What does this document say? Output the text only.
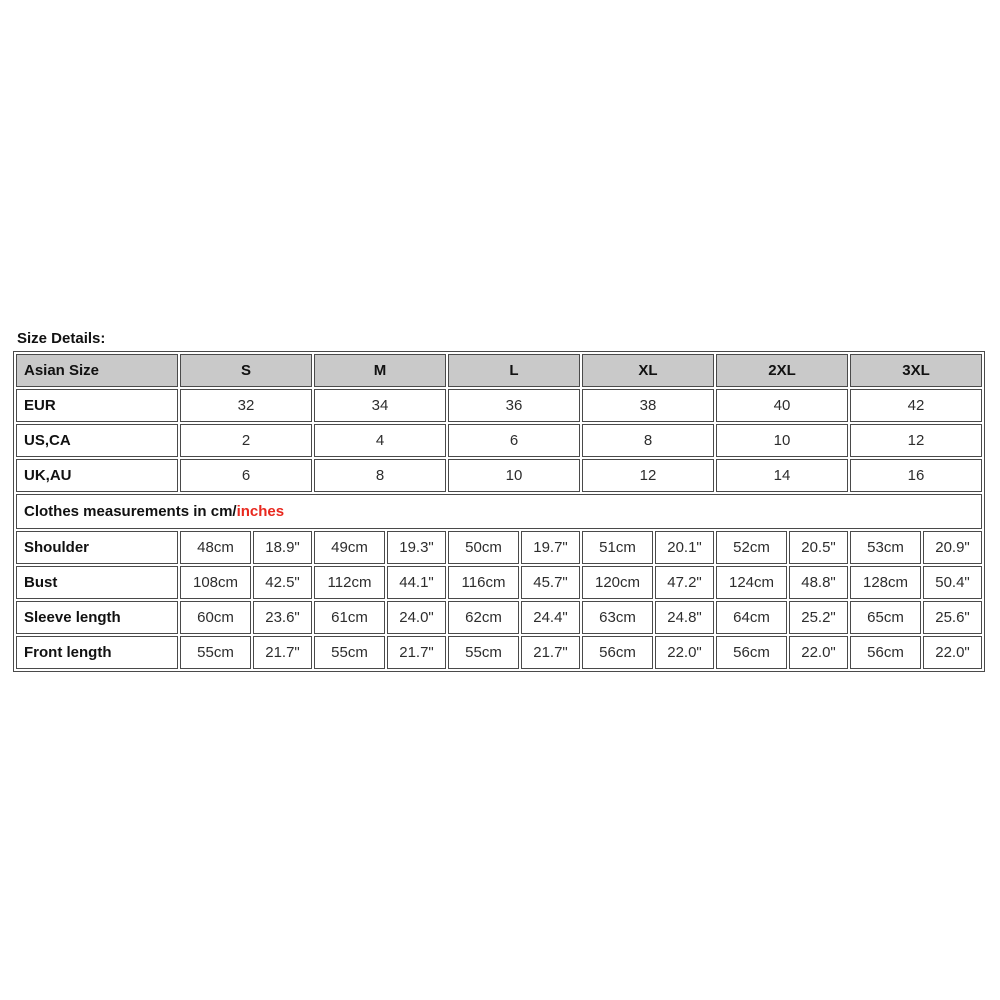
Size Details:
Asian Size	S		M		L		XL		2XL		3XL	
EUR	32		34		36		38		40		42	
US,CA	2		4		6		8		10		12	
UK,AU	6		8		10		12		14		16	
Clothes measurements in cm/inches												
Shoulder	48cm	18.9"	49cm	19.3"	50cm	19.7"	51cm	20.1"	52cm	20.5"	53cm	20.9"
Bust	108cm	42.5"	112cm	44.1"	116cm	45.7"	120cm	47.2"	124cm	48.8"	128cm	50.4"
Sleeve length	60cm	23.6"	61cm	24.0"	62cm	24.4"	63cm	24.8"	64cm	25.2"	65cm	25.6"
Front length	55cm	21.7"	55cm	21.7"	55cm	21.7"	56cm	22.0"	56cm	22.0"	56cm	22.0"
